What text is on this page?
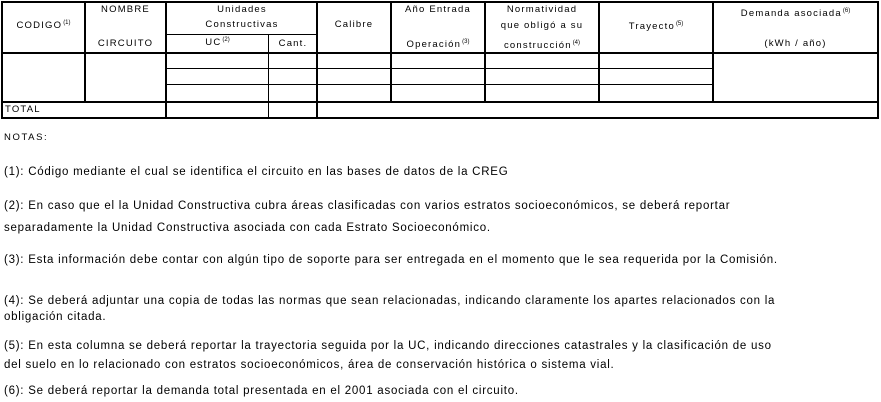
CODIGO$^{(1)}$
NOMBRE
CIRCUITO
Unidades
Constructivas
UC$^{(2)}$	Cant.
Calibre
Año Entrada
Operación$^{(3)}$
Normatividad
que obligó a su
construcción$^{(4)}$
Trayecto$^{(5)}$
Demanda asociada$^{(6)}$
(kWh / año)
TOTAL
NOTAS:
(1): Código mediante el cual se identifica el circuito en las bases de datos de la CREG
(2): En caso que el la Unidad Constructiva cubra áreas clasificadas con varios estratos socioeconómicos, se deberá reportar
separadamente la Unidad Constructiva asociada con cada Estrato Socioeconómico.
(3): Esta información debe contar con algún tipo de soporte para ser entregada en el momento que le sea requerida por la Comisión.
(4): Se deberá adjuntar una copia de todas las normas que sean relacionadas, indicando claramente los apartes relacionados con la
obligación citada.
(5): En esta columna se deberá reportar la trayectoria seguida por la UC, indicando direcciones catastrales y la clasificación de uso
del suelo en lo relacionado con estratos socioeconómicos, área de conservación histórica o sistema vial.
(6): Se deberá reportar la demanda total presentada en el 2001 asociada con el circuito.
